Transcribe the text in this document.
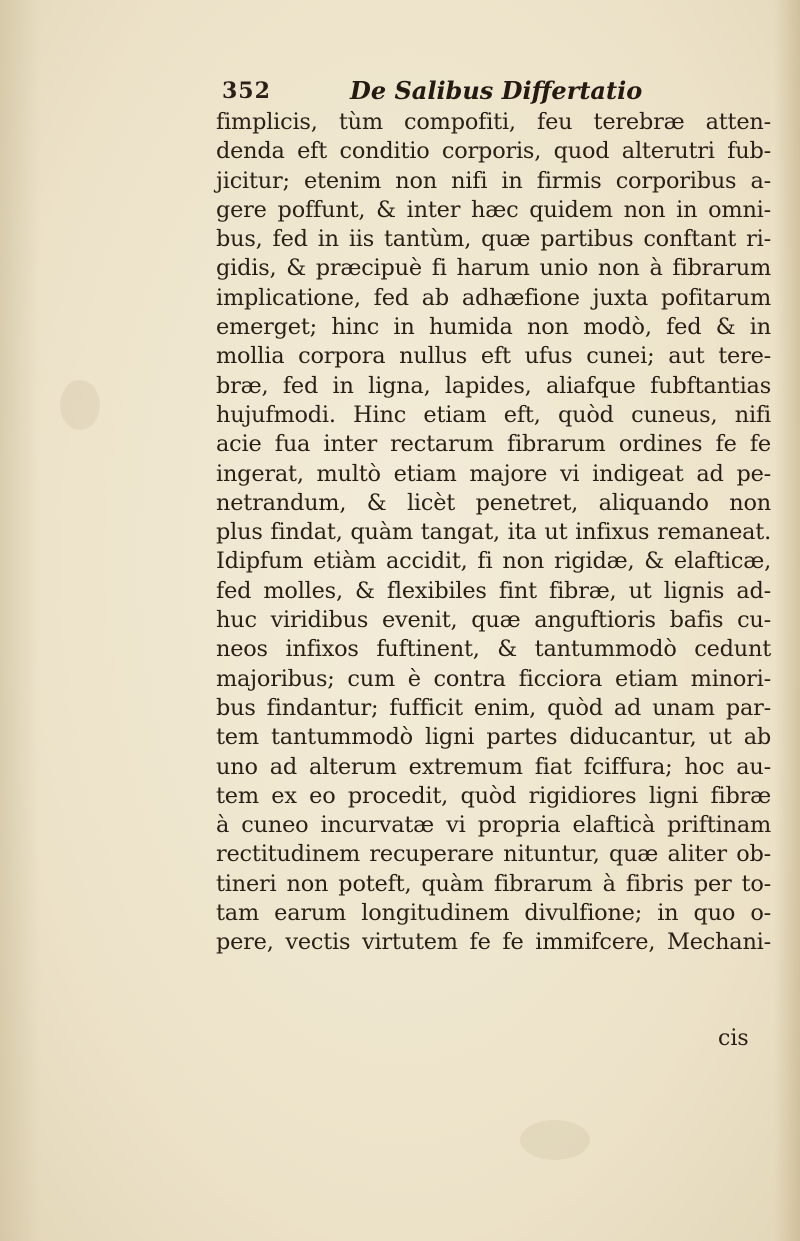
352	De Salibus Differtatio
fimplicis, tùm compofiti, feu terebræ atten-
denda eft conditio corporis, quod alterutri fub-
jicitur; etenim non nifi in firmis corporibus a-
gere poffunt, & inter hæc quidem non in omni-
bus, fed in iis tantùm, quæ partibus conftant ri-
gidis, & præcipuè fi harum unio non à fibrarum
implicatione, fed ab adhæfione juxta pofitarum
emerget; hinc in humida non modò, fed & in
mollia corpora nullus eft ufus cunei; aut tere-
bræ, fed in ligna, lapides, aliafque fubftantias
hujufmodi. Hinc etiam eft, quòd cuneus, nifi
acie fua inter rectarum fibrarum ordines fe fe
ingerat, multò etiam majore vi indigeat ad pe-
netrandum, & licèt penetret, aliquando non
plus findat, quàm tangat, ita ut infixus remaneat.
Idipfum etiàm accidit, fi non rigidæ, & elafticæ,
fed molles, & flexibiles fint fibræ, ut lignis ad-
huc viridibus evenit, quæ anguftioris bafis cu-
neos infixos fuftinent, & tantummodò cedunt
majoribus; cum è contra ficciora etiam minori-
bus findantur; fufficit enim, quòd ad unam par-
tem tantummodò ligni partes diducantur, ut ab
uno ad alterum extremum fiat fciffura; hoc au-
tem ex eo procedit, quòd rigidiores ligni fibræ
à cuneo incurvatæ vi propria elafticà priftinam
rectitudinem recuperare nituntur, quæ aliter ob-
tineri non poteft, quàm fibrarum à fibris per to-
tam earum longitudinem divulfione; in quo o-
pere, vectis virtutem fe fe immifcere, Mechani-
cis
